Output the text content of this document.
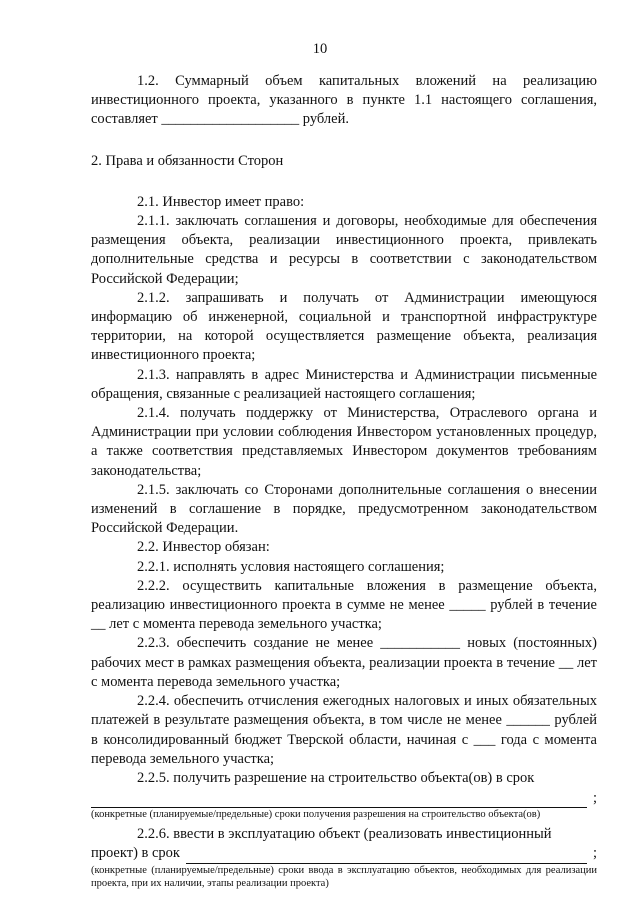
10

1.2. Суммарный объем капитальных вложений на реализацию инвестиционного проекта, указанного в пункте 1.1 настоящего соглашения, составляет ___________________ рублей.

2. Права и обязанности Сторон

2.1. Инвестор имеет право:

2.1.1. заключать соглашения и договоры, необходимые для обеспечения размещения объекта, реализации инвестиционного проекта, привлекать дополнительные средства и ресурсы в соответствии с законодательством Российской Федерации;

2.1.2. запрашивать и получать от Администрации имеющуюся информацию об инженерной, социальной и транспортной инфраструктуре территории, на которой осуществляется размещение объекта, реализация инвестиционного проекта;

2.1.3. направлять в адрес Министерства и Администрации письменные обращения, связанные с реализацией настоящего соглашения;

2.1.4. получать поддержку от Министерства, Отраслевого органа и Администрации при условии соблюдения Инвестором установленных процедур, а также соответствия представляемых Инвестором документов требованиям законодательства;

2.1.5. заключать со Сторонами дополнительные соглашения о внесении изменений в соглашение в порядке, предусмотренном законодательством Российской Федерации.

2.2. Инвестор обязан:

2.2.1. исполнять условия настоящего соглашения;

2.2.2. осуществить капитальные вложения в размещение объекта, реализацию инвестиционного проекта в сумме не менее _____ рублей в течение __ лет с момента перевода земельного участка;

2.2.3. обеспечить создание не менее ___________ новых (постоянных) рабочих мест в рамках размещения объекта, реализации проекта в течение __ лет с момента перевода земельного участка;

2.2.4. обеспечить отчисления ежегодных налоговых и иных обязательных платежей в результате размещения объекта, в том числе не менее ______ рублей в консолидированный бюджет Тверской области, начиная с ___ года с момента перевода земельного участка;

2.2.5. получить разрешение на строительство объекта(ов) в срок

;

(конкретные (планируемые/предельные) сроки получения разрешения на строительство объекта(ов)

2.2.6. ввести в эксплуатацию объект (реализовать инвестиционный

проект) в срок	;

(конкретные (планируемые/предельные) сроки ввода в эксплуатацию объектов, необходимых для реализации проекта, при их наличии, этапы реализации проекта)
